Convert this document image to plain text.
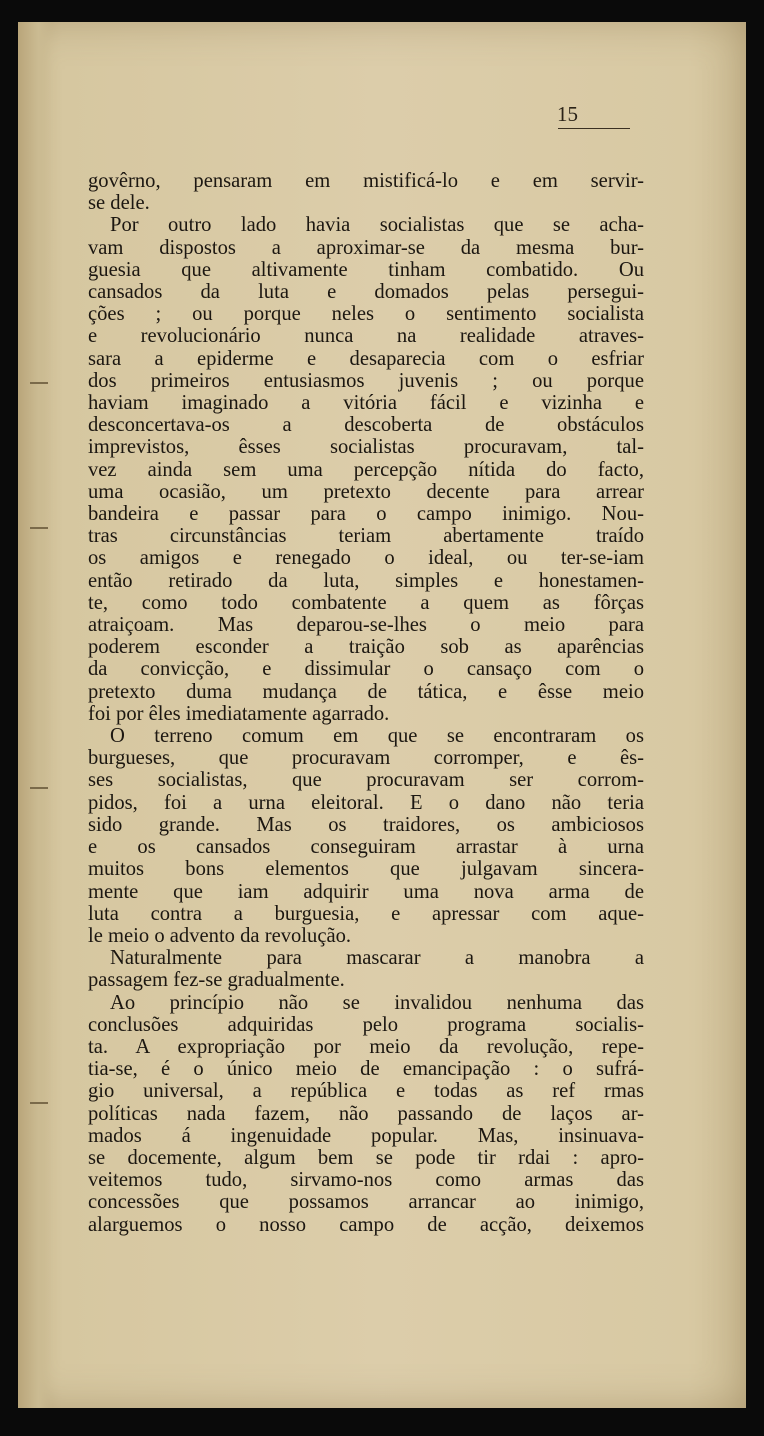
15
govêrno, pensaram em mistificá-lo e em servir-
se dele.
Por outro lado havia socialistas que se acha-
vam dispostos a aproximar-se da mesma bur-
guesia que altivamente tinham combatido. Ou
cansados da luta e domados pelas persegui-
ções ; ou porque neles o sentimento socialista
e revolucionário nunca na realidade atraves-
sara a epiderme e desaparecia com o esfriar
dos primeiros entusiasmos juvenis ; ou porque
haviam imaginado a vitória fácil e vizinha e
desconcertava-os a descoberta de obstáculos
imprevistos, êsses socialistas procuravam, tal-
vez ainda sem uma percepção nítida do facto,
uma ocasião, um pretexto decente para arrear
bandeira e passar para o campo inimigo. Nou-
tras circunstâncias teriam abertamente traído
os amigos e renegado o ideal, ou ter-se-iam
então retirado da luta, simples e honestamen-
te, como todo combatente a quem as fôrças
atraiçoam. Mas deparou-se-lhes o meio para
poderem esconder a traição sob as aparências
da convicção, e dissimular o cansaço com o
pretexto duma mudança de tática, e êsse meio
foi por êles imediatamente agarrado.
O terreno comum em que se encontraram os
burgueses, que procuravam corromper, e ês-
ses socialistas, que procuravam ser corrom-
pidos, foi a urna eleitoral. E o dano não teria
sido grande. Mas os traidores, os ambiciosos
e os cansados conseguiram arrastar à urna
muitos bons elementos que julgavam sincera-
mente que iam adquirir uma nova arma de
luta contra a burguesia, e apressar com aque-
le meio o advento da revolução.
Naturalmente para mascarar a manobra a
passagem fez-se gradualmente.
Ao princípio não se invalidou nenhuma das
conclusões adquiridas pelo programa socialis-
ta. A expropriação por meio da revolução, repe-
tia-se, é o único meio de emancipação : o sufrá-
gio universal, a república e todas as ref rmas
políticas nada fazem, não passando de laços ar-
mados á ingenuidade popular. Mas, insinuava-
se docemente, algum bem se pode tir rdai : apro-
veitemos tudo, sirvamo-nos como armas das
concessões que possamos arrancar ao inimigo,
alarguemos o nosso campo de acção, deixemos
